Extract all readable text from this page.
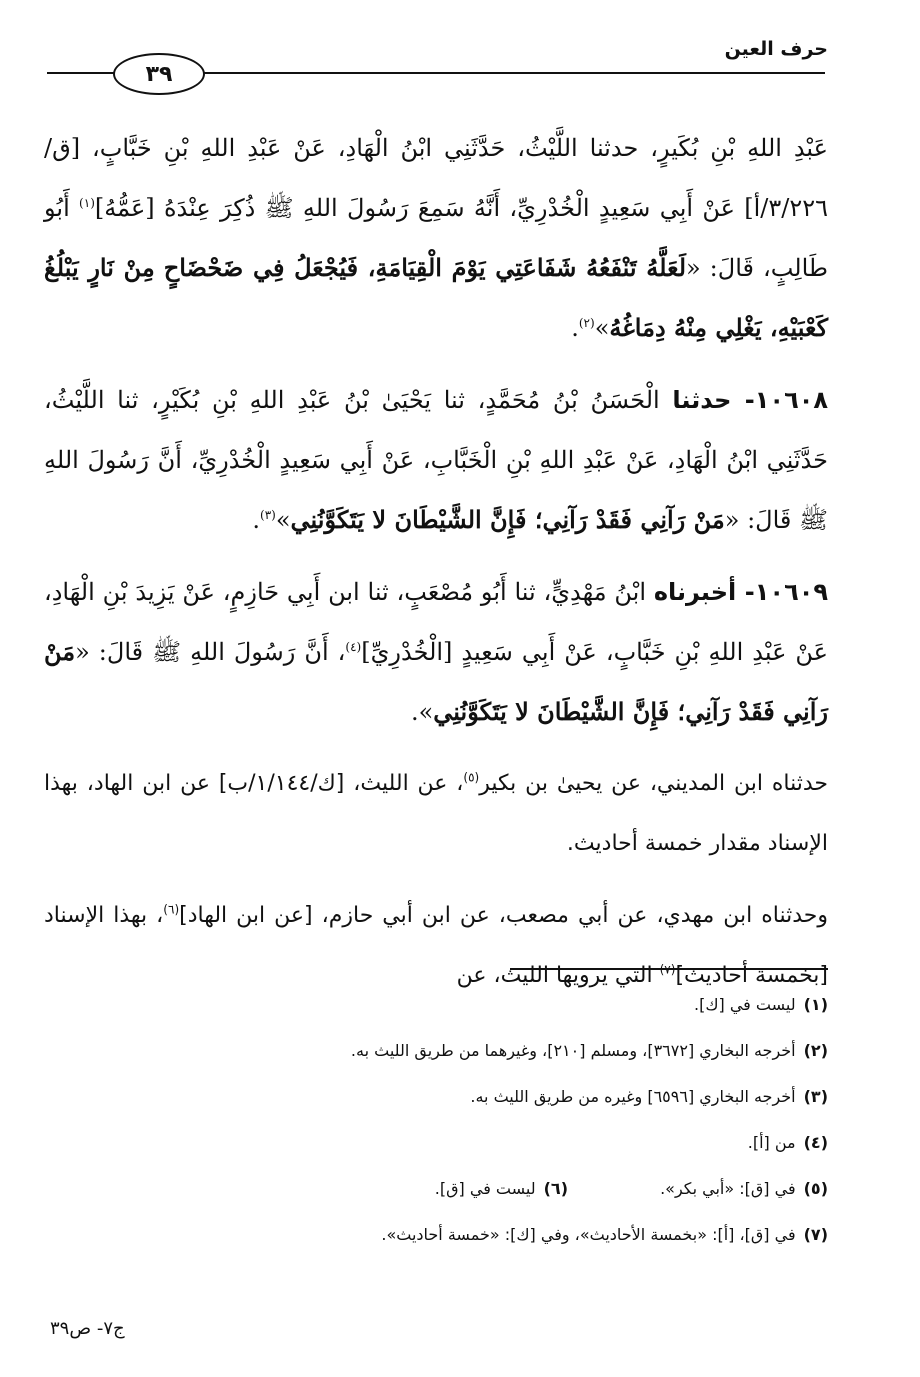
حرف العين
٣٩

عَبْدِ اللهِ بْنِ بُكَيرٍ، حدثنا اللَّيْثُ، حَدَّثَنِي ابْنُ الْهَادِ، عَنْ عَبْدِ اللهِ بْنِ خَبَّابٍ، [ق/٣/٢٢٦/أ] عَنْ أَبِي سَعِيدٍ الْخُدْرِيِّ، أَنَّهُ سَمِعَ رَسُولَ اللهِ ﷺ ذُكِرَ عِنْدَهُ [عَمُّهُ]$^{(١)}$ أَبُو طَالِبٍ، قَالَ: «لَعَلَّهُ تَنْفَعُهُ شَفَاعَتِي يَوْمَ الْقِيَامَةِ، فَيُجْعَلُ فِي ضَحْضَاحٍ مِنْ نَارٍ يَبْلُغُ كَعْبَيْهِ، يَغْلِي مِنْهُ دِمَاغُهُ»$^{(٢)}$.

١٠٦٠٨- حدثنا الْحَسَنُ بْنُ مُحَمَّدٍ، ثنا يَحْيَىٰ بْنُ عَبْدِ اللهِ بْنِ بُكَيْرٍ، ثنا اللَّيْثُ، حَدَّثَنِي ابْنُ الْهَادِ، عَنْ عَبْدِ اللهِ بْنِ الْخَبَّابِ، عَنْ أَبِي سَعِيدٍ الْخُدْرِيِّ، أَنَّ رَسُولَ اللهِ ﷺ قَالَ: «مَنْ رَآنِي فَقَدْ رَآنِي؛ فَإِنَّ الشَّيْطَانَ لا يَتَكَوَّنُنِي»$^{(٣)}$.

١٠٦٠٩- أخبرناه ابْنُ مَهْدِيٍّ، ثنا أَبُو مُصْعَبٍ، ثنا ابن أَبِي حَازِمٍ، عَنْ يَزِيدَ بْنِ الْهَادِ، عَنْ عَبْدِ اللهِ بْنِ خَبَّابٍ، عَنْ أَبِي سَعِيدٍ [الْخُدْرِيِّ]$^{(٤)}$، أَنَّ رَسُولَ اللهِ ﷺ قَالَ: «مَنْ رَآنِي فَقَدْ رَآنِي؛ فَإِنَّ الشَّيْطَانَ لا يَتَكَوَّنُنِي».

حدثناه ابن المديني، عن يحيىٰ بن بكير$^{(٥)}$، عن الليث، [ك/١/١٤٤/ب] عن ابن الهاد، بهذا الإسناد مقدار خمسة أحاديث.

وحدثناه ابن مهدي، عن أبي مصعب، عن ابن أبي حازم، [عن ابن الهاد]$^{(٦)}$، بهذا الإسناد [بخمسة أحاديث]$^{(٧)}$ التي يرويها الليث، عن

(١)ليست في [ك].
(٢)أخرجه البخاري [٣٦٧٢]، ومسلم [٢١٠]، وغيرهما من طريق الليث به.
(٣)أخرجه البخاري [٦٥٩٦] وغيره من طريق الليث به.
(٤)من [أ].
(٥)في [ق]: «أبي بكر».
(٦)ليست في [ق].
(٧)في [ق]، [أ]: «بخمسة الأحاديث»، وفي [ك]: «خمسة أحاديث».
ج٧- ص٣٩
